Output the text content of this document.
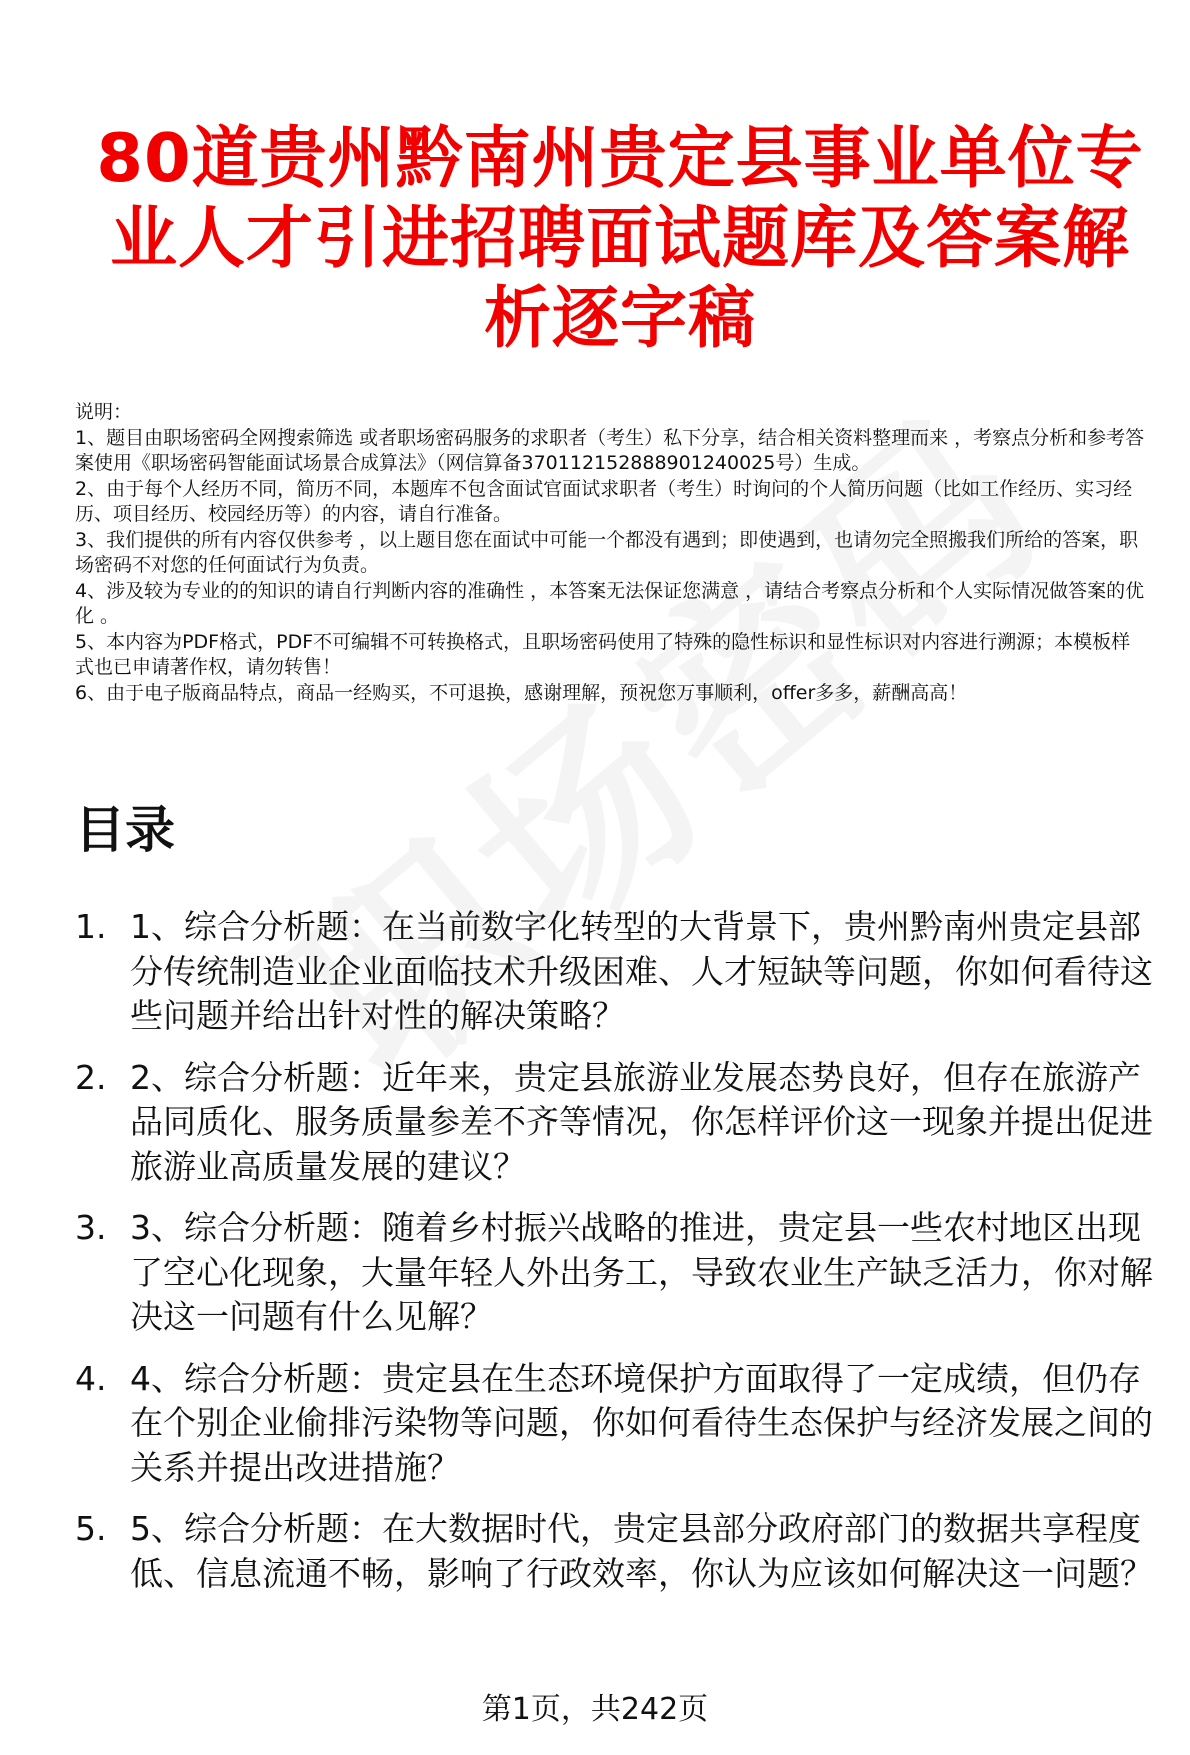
80道贵州黔南州贵定县事业单位专业人才引进招聘面试题库及答案解析逐字稿

说明：

1、题目由职场密码全网搜索筛选 或者职场密码服务的求职者（考生）私下分享，结合相关资料整理而来 ，考察点分析和参考答案使用《职场密码智能面试场景合成算法》（网信算备370112152888901240025号）生成。

2、由于每个人经历不同，简历不同，本题库不包含面试官面试求职者（考生）时询问的个人简历问题（比如工作经历、实习经历、项目经历、校园经历等）的内容，请自行准备。

3、我们提供的所有内容仅供参考 ，以上题目您在面试中可能一个都没有遇到；即使遇到，也请勿完全照搬我们所给的答案，职场密码不对您的任何面试行为负责。

4、涉及较为专业的的知识的请自行判断内容的准确性 ，本答案无法保证您满意 ，请结合考察点分析和个人实际情况做答案的优化 。

5、本内容为PDF格式，PDF不可编辑不可转换格式，且职场密码使用了特殊的隐性标识和显性标识对内容进行溯源；本模板样式也已申请著作权，请勿转售！

6、由于电子版商品特点，商品一经购买，不可退换，感谢理解，预祝您万事顺利，offer多多，薪酬高高！

目录
1. 1、综合分析题：在当前数字化转型的大背景下，贵州黔南州贵定县部分传统制造业企业面临技术升级困难、人才短缺等问题，你如何看待这些问题并给出针对性的解决策略？
2. 2、综合分析题：近年来，贵定县旅游业发展态势良好，但存在旅游产品同质化、服务质量参差不齐等情况，你怎样评价这一现象并提出促进旅游业高质量发展的建议？
3. 3、综合分析题：随着乡村振兴战略的推进，贵定县一些农村地区出现了空心化现象，大量年轻人外出务工，导致农业生产缺乏活力，你对解决这一问题有什么见解？
4. 4、综合分析题：贵定县在生态环境保护方面取得了一定成绩，但仍存在个别企业偷排污染物等问题，你如何看待生态保护与经济发展之间的关系并提出改进措施？
5. 5、综合分析题：在大数据时代，贵定县部分政府部门的数据共享程度低、信息流通不畅，影响了行政效率，你认为应该如何解决这一问题？
第1页，共242页
